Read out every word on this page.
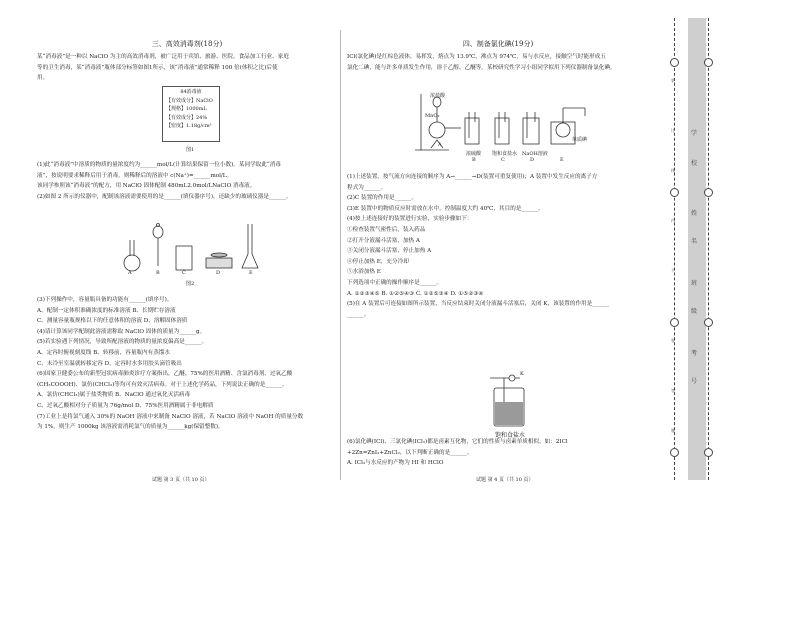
三、高效消毒剂(18分)

某“消毒液”是一种以 NaClO 为主的高效消毒剂，被广泛用于宾馆、旅游、医院、食品加工行业、家庭

等的卫生消毒，某“消毒液”瓶体部分标签如图1所示，该“消毒液”通常稀释 100 倍(体积之比)后使

用。

84消毒液
【有效成分】NaClO
【规格】1000mL
【有效成分】24%
【密度】1.18g/cm³
图1

(1)此“消毒液”中溶质的物质的量浓度约为______mol/L(计算结果保留一位小数)。某同学取此“消毒

液”，按说明要求稀释后用于消毒，则稀释后的溶液中 c(Na⁺)=______mol/L。

该同学参照该“消毒液”的配方，用 NaClO 固体配制 480mL2.0mol/LNaClO 消毒液。

(2)如图 2 所示的仪器中，配制该溶液需要使用的是______(填仪器序号)，还缺少的玻璃仪器是______。

A	B	C	D	E
图2

(3)下列操作中，容量瓶具备的功能有______(填序号)。

A、配制一定体积准确浓度的标准溶液 B、长期贮存溶液

C、测量容量瓶规格以下的任意体积的溶液 D、溶解固体溶质

(4)请计算该同学配制此溶液需称取 NaClO 固体的质量为______g。

(5)若实验遇下列情况，导致所配溶液的物质的量浓度偏高是______。

A、定容时俯视刻度线 B、转移前，容量瓶内有蒸馏水

C、未冷至室温就转移定容 D、定容时水多用胶头滴管吸出

(6)国家卫健委公布的新型冠状病毒肺炎诊疗方案指出，乙醚、75%的医用酒精、含氯消毒剂、过氧乙酸

(CH₃COOOH)、氯仿(CHCl₃)等均可有效灭活病毒。对于上述化学药品，下列说法正确的是______。

A、氯仿(CHCl₃)属于盐类物质 B、NaClO 通过氧化灭活病毒

C、过氧乙酸相对分子质量为 76g/mol D、75%医用酒精属于非电解质

(7)工业上是将氯气通入 30%的 NaOH 溶液中来制备 NaClO 溶液，若 NaClO 溶液中 NaOH 的质量分数

为 1%，则生产 1000kg 该溶液需消耗氯气的质量为______kg(保留整数)。

试题 第 3 页（共 10 页）

四、制备氯化碘(19分)

ICl(氯化碘)是红棕色液体，易挥发，熔点为 13.9℃，沸点为 974℃，易与水反应，接触空气时能形成五

氯化二碘，能与许多单质发生作用，溶于乙醇、乙醚等。某校研究性学习小组同学拟用下列仪器制备氯化碘。

浓盐酸
MnO₂
浓硫酸 饱和食盐水 NaOH溶液
单质碘
A
B	C	D	E

(1)上述装置，按气流方向连接的顺序为 A→______→D(装置可重复使用)；A 装置中发生反应的离子方

程式为______。

(2)C 装置的作用是______。

(3)E 装置中的物质反应时需放在水中，控制温度大约 40℃，其目的是______。

(4)按上述连接好的装置进行实验，实验步骤如下：

①检查装置气密性后，装入药品

②打开分液漏斗活塞，加热 A

③关闭分液漏斗活塞，停止加热 A

④停止加热 E，充分冷却

⑤水浴加热 E

下列选项中正确的操作顺序是______。

A. ①②③④⑤ B. ①②⑤④③ C. ①②⑤③④ D. ①⑤②③④

(5)在 A 装置后可连接如图所示装置，当反应结束时关闭分液漏斗活塞后，关闭 K，该装置的作用是______

______。

K
饱和食盐水

(6)氯化碘(ICl)、三氯化碘(ICl₃)都是卤素互化物，它们的性质与卤素单质相似，如：2ICl

+2Zn=ZnI₂+ZnCl₂，以下判断正确的是______。

A. ICl₃与水反应的产物为 HI 和 HClO

试题 第 4 页（共 10 页）
学
校
姓
名
班
级
考
号
装
订
线
内
不
要
答
题
